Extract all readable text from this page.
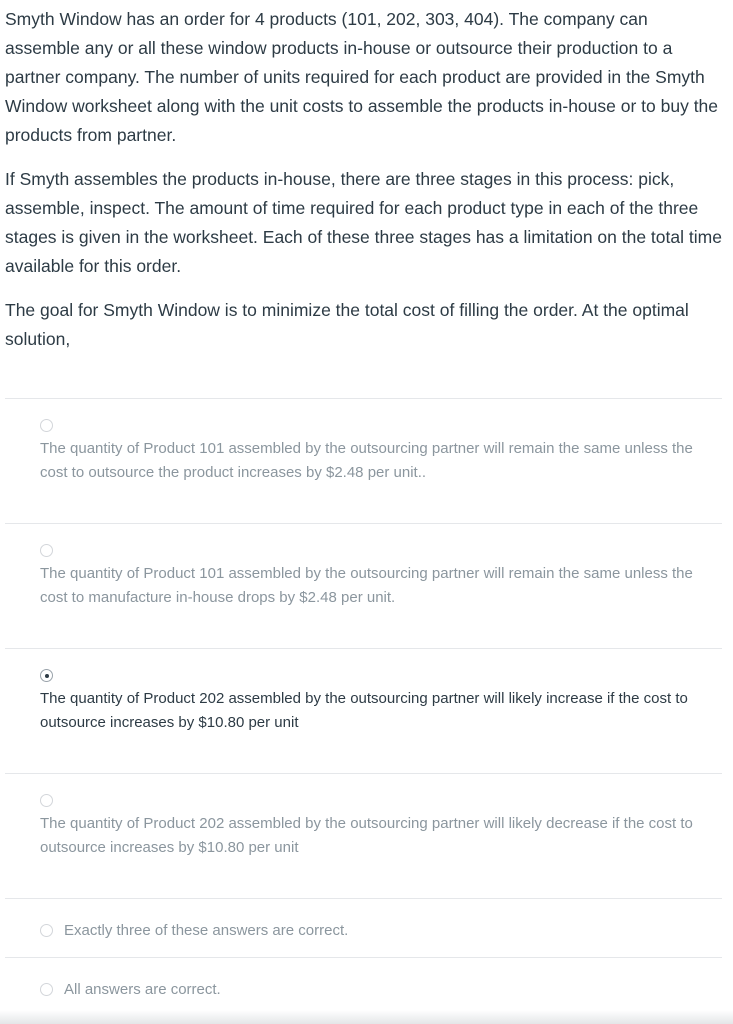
Smyth Window has an order for 4 products (101, 202, 303, 404). The company can assemble any or all these window products in-house or outsource their production to a partner company. The number of units required for each product are provided in the Smyth Window worksheet along with the unit costs to assemble the products in-house or to buy the products from partner.

If Smyth assembles the products in-house, there are three stages in this process: pick, assemble, inspect. The amount of time required for each product type in each of the three stages is given in the worksheet. Each of these three stages has a limitation on the total time available for this order.

The goal for Smyth Window is to minimize the total cost of filling the order. At the optimal solution,

The quantity of Product 101 assembled by the outsourcing partner will remain the same unless the cost to outsource the product increases by $2.48 per unit..
The quantity of Product 101 assembled by the outsourcing partner will remain the same unless the cost to manufacture in-house drops by $2.48 per unit.
The quantity of Product 202 assembled by the outsourcing partner will likely increase if the cost to outsource increases by $10.80 per unit
The quantity of Product 202 assembled by the outsourcing partner will likely decrease if the cost to outsource increases by $10.80 per unit
Exactly three of these answers are correct.
All answers are correct.
